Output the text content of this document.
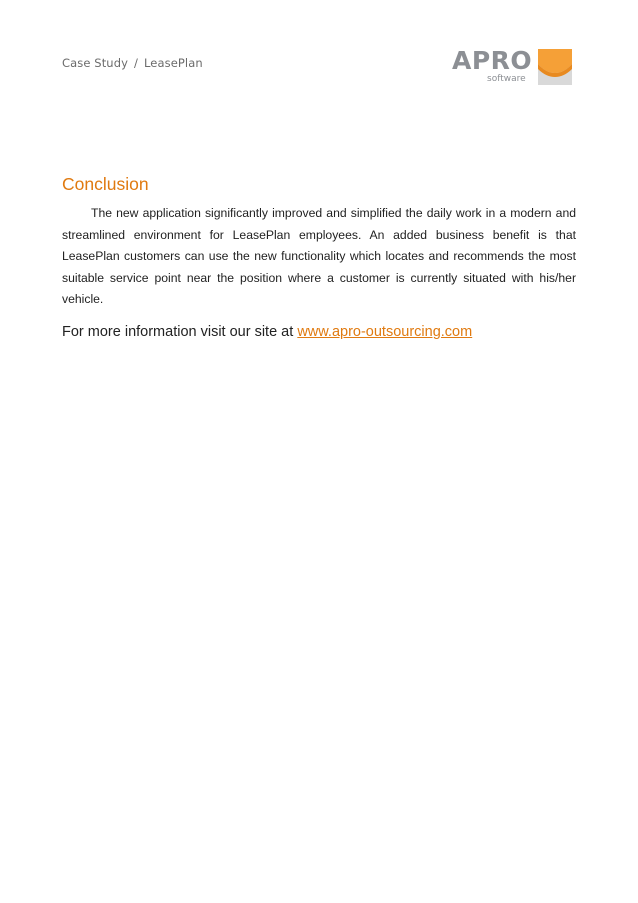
Case Study / LeasePlan	APRO
software
Conclusion
The new application significantly improved and simplified the daily work in a modern and streamlined environment for LeasePlan employees. An added business benefit is that LeasePlan customers can use the new functionality which locates and recommends the most suitable service point near the position where a customer is currently situated with his/her vehicle.
For more information visit our site at www.apro-outsourcing.com
